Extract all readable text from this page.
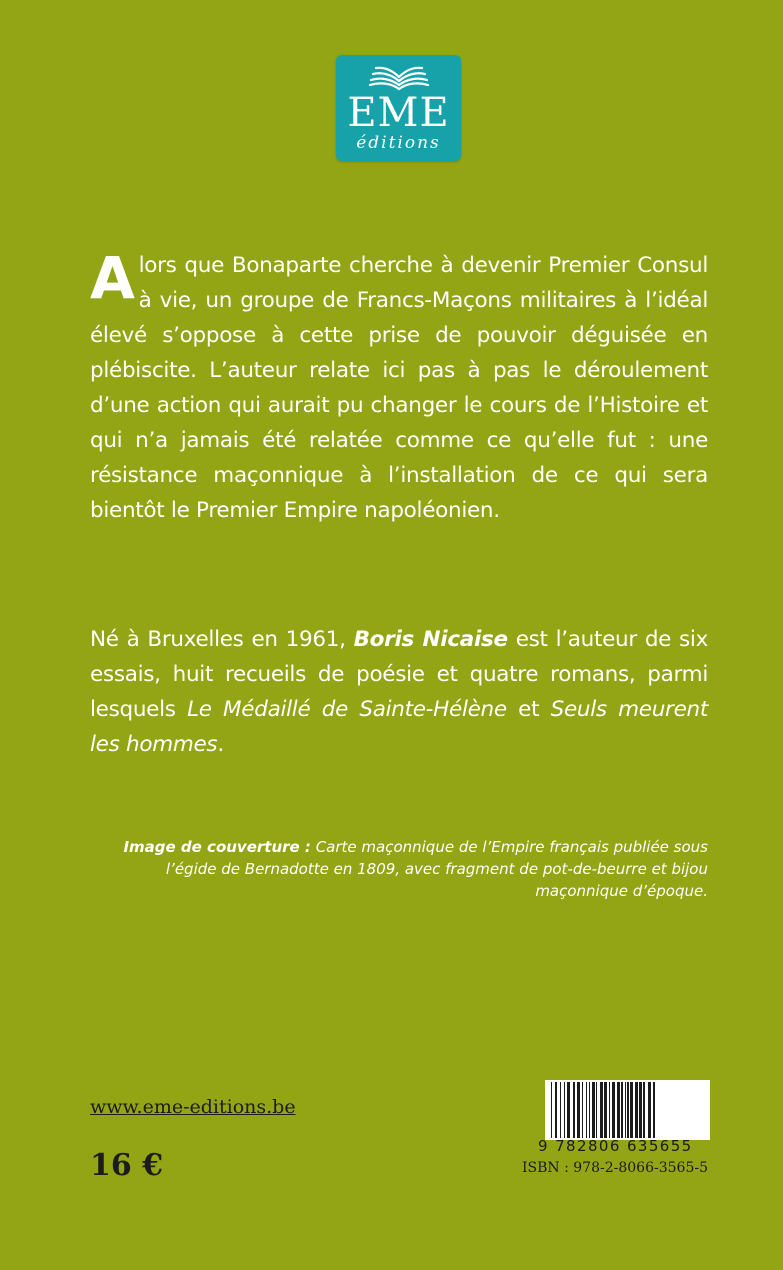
EME
éditions

Alors que Bonaparte cherche à devenir Premier Consul à vie, un groupe de Francs-Maçons militaires à l’idéal élevé s’oppose à cette prise de pouvoir déguisée en plébiscite. L’auteur relate ici pas à pas le déroulement d’une action qui aurait pu changer le cours de l’Histoire et qui n’a jamais été relatée comme ce qu’elle fut : une résistance maçonnique à l’installation de ce qui sera bientôt le Premier Empire napoléonien.

Né à Bruxelles en 1961, Boris Nicaise est l’auteur de six essais, huit recueils de poésie et quatre romans, parmi lesquels Le Médaillé de Sainte-Hélène et Seuls meurent les hommes.

Image de couverture : Carte maçonnique de l’Empire français publiée sous l’égide de Bernadotte en 1809, avec fragment de pot-de-beurre et bijou maçonnique d’époque.

www.eme-editions.be
16 €
9 782806 635655
ISBN : 978-2-8066-3565-5
